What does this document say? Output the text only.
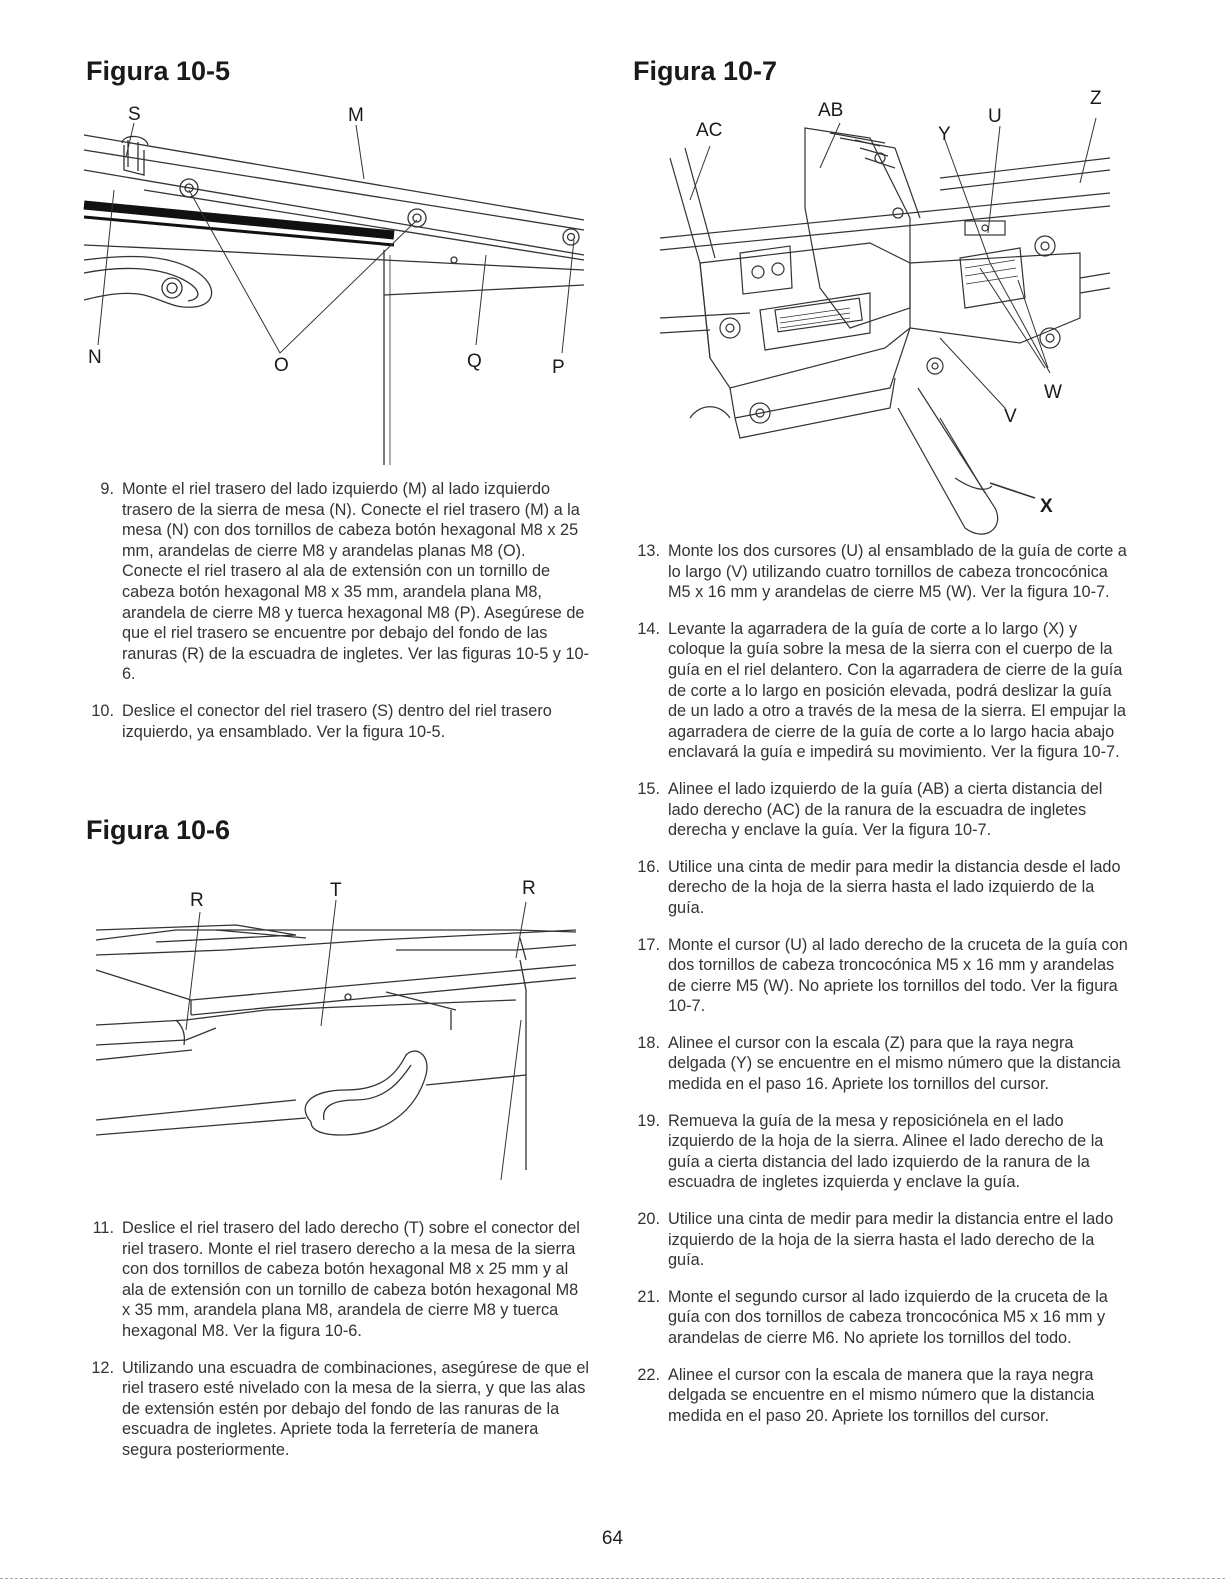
Figura 10-5
S	M
N	O	Q	P
9. Monte el riel trasero del lado izquierdo (M) al lado izquierdo trasero de la sierra de mesa (N). Conecte el riel trasero (M) a la mesa (N) con dos tornillos de cabeza botón hexagonal M8 x 25 mm, arandelas de cierre M8 y arandelas planas M8 (O). Conecte el riel trasero al ala de extensión con un tornillo de cabeza botón hexagonal M8 x 35 mm, arandela plana M8, arandela de cierre M8 y tuerca hexagonal M8 (P). Asegúrese de que el riel trasero se encuentre por debajo del fondo de las ranuras (R) de la escuadra de ingletes. Ver las figuras 10-5 y 10- 6.
10. Deslice el conector del riel trasero (S) dentro del riel trasero izquierdo, ya ensamblado. Ver la figura 10-5.
Figura 10-6
R	T	R
11. Deslice el riel trasero del lado derecho (T) sobre el conector del riel trasero. Monte el riel trasero derecho a la mesa de la sierra con dos tornillos de cabeza botón hexagonal M8 x 25 mm y al ala de extensión con un tornillo de cabeza botón hexagonal M8 x 35 mm, arandela plana M8, arandela de cierre M8 y tuerca hexagonal M8. Ver la figura 10-6.
12. Utilizando una escuadra de combinaciones, asegúrese de que el riel trasero esté nivelado con la mesa de la sierra, y que las alas de extensión estén por debajo del fondo de las ranuras de la escuadra de ingletes. Apriete toda la ferretería de manera segura posteriormente.
Figura 10-7
AC
AB
Y
U
Z
W
V
X
13. Monte los dos cursores (U) al ensamblado de la guía de corte a lo largo (V) utilizando cuatro tornillos de cabeza troncocónica M5 x 16 mm y arandelas de cierre M5 (W). Ver la figura 10-7.
14. Levante la agarradera de la guía de corte a lo largo (X) y coloque la guía sobre la mesa de la sierra con el cuerpo de la guía en el riel delantero. Con la agarradera de cierre de la guía de corte a lo largo en posición elevada, podrá deslizar la guía de un lado a otro a través de la mesa de la sierra. El empujar la agarradera de cierre de la guía de corte a lo largo hacia abajo enclavará la guía e impedirá su movimiento. Ver la figura 10-7.
15. Alinee el lado izquierdo de la guía (AB) a cierta distancia del lado derecho (AC) de la ranura de la escuadra de ingletes derecha y enclave la guía. Ver la figura 10-7.
16. Utilice una cinta de medir para medir la distancia desde el lado derecho de la hoja de la sierra hasta el lado izquierdo de la guía.
17. Monte el cursor (U) al lado derecho de la cruceta de la guía con dos tornillos de cabeza troncocónica M5 x 16 mm y arandelas de cierre M5 (W). No apriete los tornillos del todo. Ver la figura 10-7.
18. Alinee el cursor con la escala (Z) para que la raya negra delgada (Y) se encuentre en el mismo número que la distancia medida en el paso 16. Apriete los tornillos del cursor.
19. Remueva la guía de la mesa y reposiciónela en el lado izquierdo de la hoja de la sierra. Alinee el lado derecho de la guía a cierta distancia del lado izquierdo de la ranura de la escuadra de ingletes izquierda y enclave la guía.
20. Utilice una cinta de medir para medir la distancia entre el lado izquierdo de la hoja de la sierra hasta el lado derecho de la guía.
21. Monte el segundo cursor al lado izquierdo de la cruceta de la guía con dos tornillos de cabeza troncocónica M5 x 16 mm y arandelas de cierre M6. No apriete los tornillos del todo.
22. Alinee el cursor con la escala de manera que la raya negra delgada se encuentre en el mismo número que la distancia medida en el paso 20. Apriete los tornillos del cursor.
64
